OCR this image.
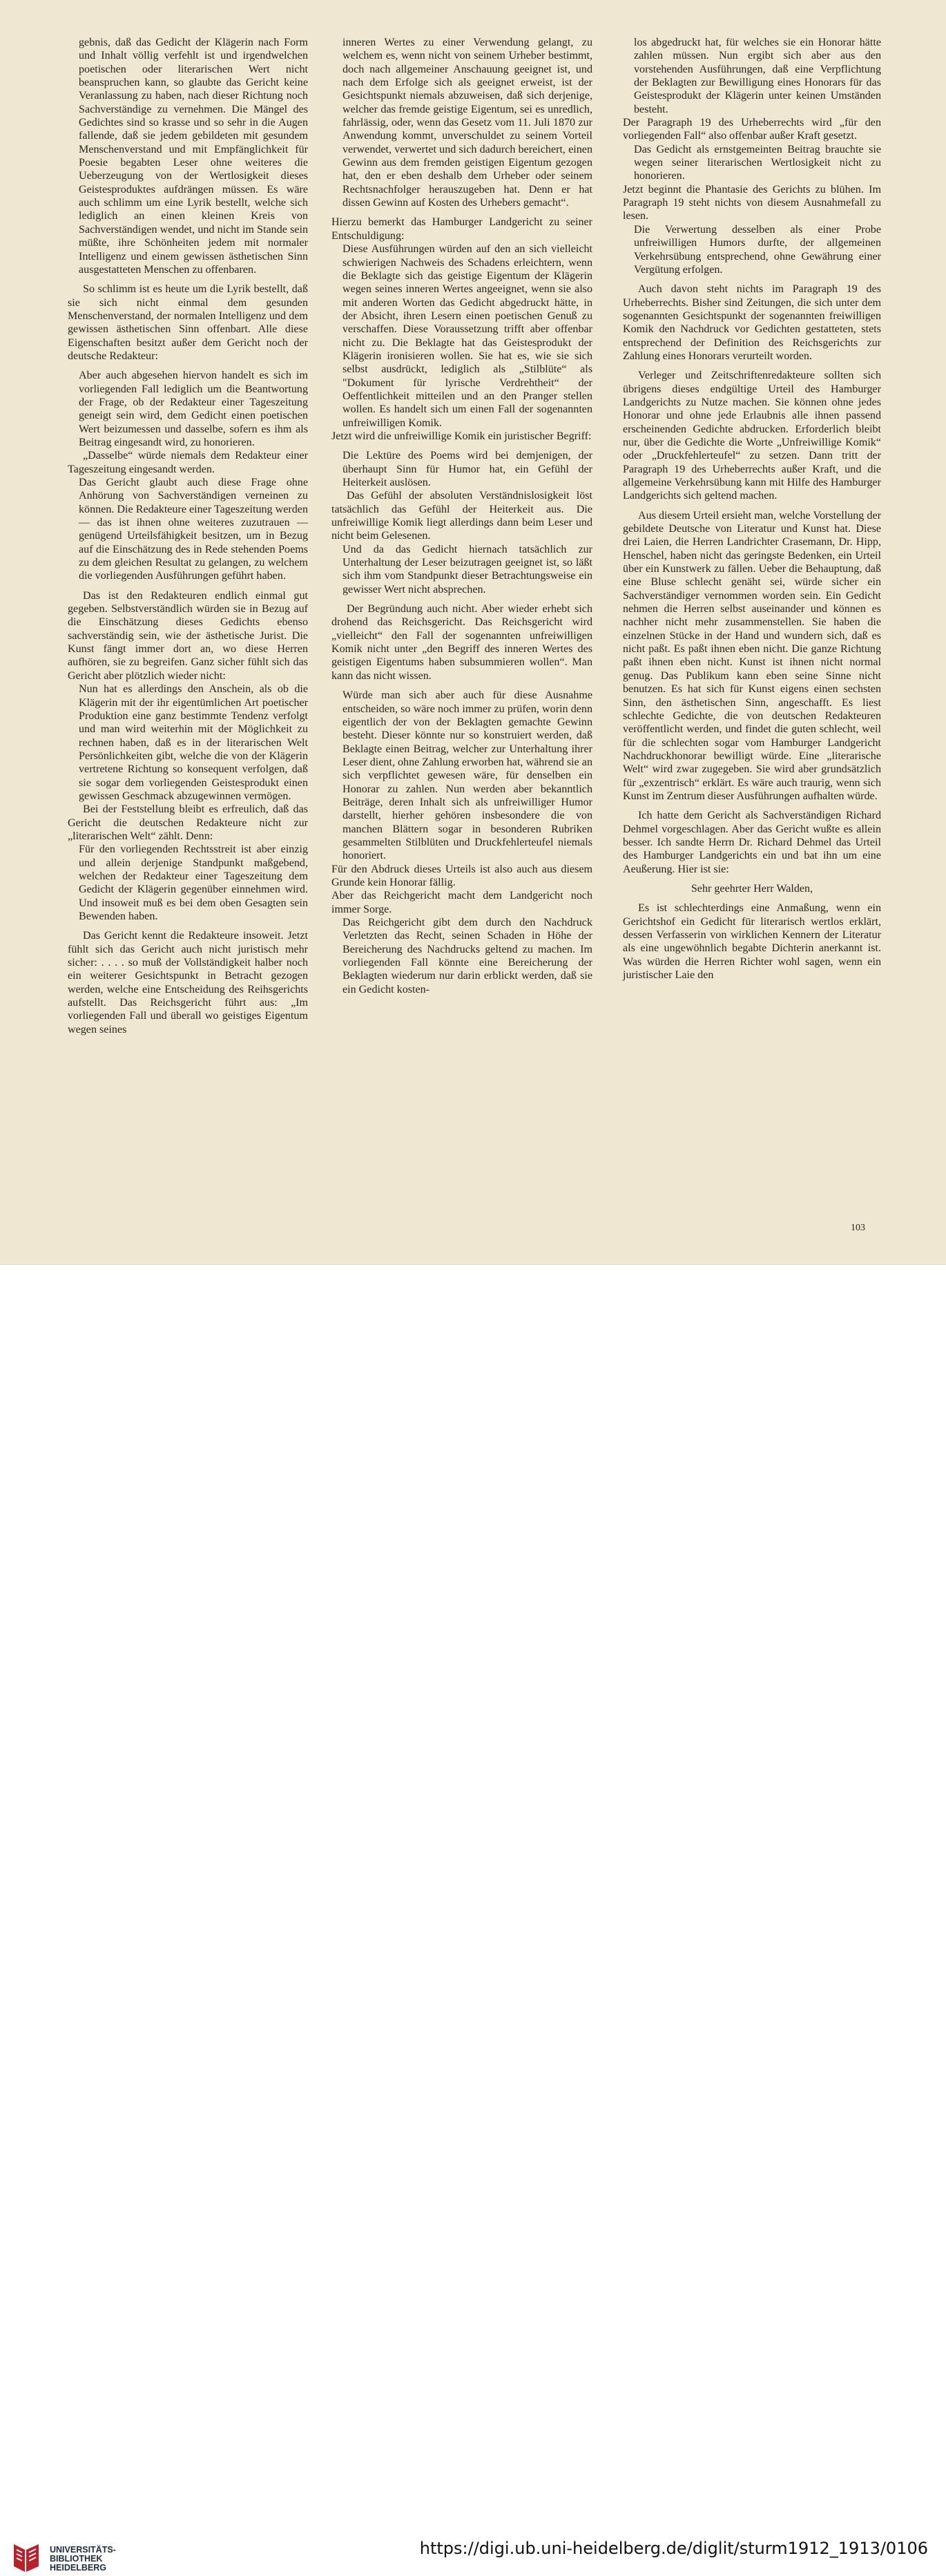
gebnis, daß das Gedicht der Klägerin nach Form und Inhalt völlig verfehlt ist und irgendwelchen poetischen oder literarischen Wert nicht beanspruchen kann, so glaubte das Gericht keine Veranlassung zu haben, nach dieser Richtung noch Sachverständige zu vernehmen. Die Mängel des Gedichtes sind so krasse und so sehr in die Augen fallende, daß sie jedem gebildeten mit gesundem Menschenverstand und mit Empfänglichkeit für Poesie begabten Leser ohne weiteres die Ueberzeugung von der Wertlosigkeit dieses Geistesproduktes aufdrängen müssen. Es wäre auch schlimm um eine Lyrik bestellt, welche sich lediglich an einen kleinen Kreis von Sachverständigen wendet, und nicht im Stande sein müßte, ihre Schönheiten jedem mit normaler Intelligenz und einem gewissen ästhetischen Sinn ausgestatteten Menschen zu offenbaren.

So schlimm ist es heute um die Lyrik bestellt, daß sie sich nicht einmal dem gesunden Menschenverstand, der normalen Intelligenz und dem gewissen ästhetischen Sinn offenbart. Alle diese Eigenschaften besitzt außer dem Gericht noch der deutsche Redakteur:

Aber auch abgesehen hiervon handelt es sich im vorliegenden Fall lediglich um die Beantwortung der Frage, ob der Redakteur einer Tageszeitung geneigt sein wird, dem Gedicht einen poetischen Wert beizumessen und dasselbe, sofern es ihm als Beitrag eingesandt wird, zu honorieren.

„Dasselbe“ würde niemals dem Redakteur einer Tageszeitung eingesandt werden.

Das Gericht glaubt auch diese Frage ohne Anhörung von Sachverständigen verneinen zu können. Die Redakteure einer Tageszeitung werden — das ist ihnen ohne weiteres zuzutrauen — genügend Urteilsfähigkeit besitzen, um in Bezug auf die Einschätzung des in Rede stehenden Poems zu dem gleichen Resultat zu gelangen, zu welchem die vorliegenden Ausführungen geführt haben.

Das ist den Redakteuren endlich einmal gut gegeben. Selbstverständlich würden sie in Bezug auf die Einschätzung dieses Gedichts ebenso sachverständig sein, wie der ästhetische Jurist. Die Kunst fängt immer dort an, wo diese Herren aufhören, sie zu begreifen. Ganz sicher fühlt sich das Gericht aber plötzlich wieder nicht:

Nun hat es allerdings den Anschein, als ob die Klägerin mit der ihr eigentümlichen Art poetischer Produktion eine ganz bestimmte Tendenz verfolgt und man wird weiterhin mit der Möglichkeit zu rechnen haben, daß es in der literarischen Welt Persönlichkeiten gibt, welche die von der Klägerin vertretene Richtung so konsequent verfolgen, daß sie sogar dem vorliegenden Geistesprodukt einen gewissen Geschmack abzugewinnen vermögen.

Bei der Feststellung bleibt es erfreulich, daß das Gericht die deutschen Redakteure nicht zur „literarischen Welt“ zählt. Denn:

Für den vorliegenden Rechtsstreit ist aber einzig und allein derjenige Standpunkt maßgebend, welchen der Redakteur einer Tageszeitung dem Gedicht der Klägerin gegenüber einnehmen wird. Und insoweit muß es bei dem oben Gesagten sein Bewenden haben.

Das Gericht kennt die Redakteure insoweit. Jetzt fühlt sich das Gericht auch nicht juristisch mehr sicher: . . . . so muß der Vollständigkeit halber noch ein weiterer Gesichtspunkt in Betracht gezogen werden, welche eine Entscheidung des Reihsgerichts aufstellt. Das Reichsgericht führt aus: „Im vorliegenden Fall und überall wo geistiges Eigentum wegen seines

inneren Wertes zu einer Verwendung gelangt, zu welchem es, wenn nicht von seinem Urheber bestimmt, doch nach allgemeiner Anschauung geeignet ist, und nach dem Erfolge sich als geeignet erweist, ist der Gesichtspunkt niemals abzuweisen, daß sich derjenige, welcher das fremde geistige Eigentum, sei es unredlich, fahrlässig, oder, wenn das Gesetz vom 11. Juli 1870 zur Anwendung kommt, unverschuldet zu seinem Vorteil verwendet, verwertet und sich dadurch bereichert, einen Gewinn aus dem fremden geistigen Eigentum gezogen hat, den er eben deshalb dem Urheber oder seinem Rechtsnachfolger herauszugeben hat. Denn er hat dissen Gewinn auf Kosten des Urhebers gemacht“.

Hierzu bemerkt das Hamburger Landgericht zu seiner Entschuldigung:

Diese Ausführungen würden auf den an sich vielleicht schwierigen Nachweis des Schadens erleichtern, wenn die Beklagte sich das geistige Eigentum der Klägerin wegen seines inneren Wertes angeeignet, wenn sie also mit anderen Worten das Gedicht abgedruckt hätte, in der Absicht, ihren Lesern einen poetischen Genuß zu verschaffen. Diese Voraussetzung trifft aber offenbar nicht zu. Die Beklagte hat das Geistesprodukt der Klägerin ironisieren wollen. Sie hat es, wie sie sich selbst ausdrückt, lediglich als „Stilblüte“ als "Dokument für lyrische Verdrehtheit“ der Oeffentlichkeit mitteilen und an den Pranger stellen wollen. Es handelt sich um einen Fall der sogenannten unfreiwilligen Komik.

Jetzt wird die unfreiwillige Komik ein juristischer Begriff:

Die Lektüre des Poems wird bei demjenigen, der überhaupt Sinn für Humor hat, ein Gefühl der Heiterkeit auslösen.

Das Gefühl der absoluten Verständnislosigkeit löst tatsächlich das Gefühl der Heiterkeit aus. Die unfreiwillige Komik liegt allerdings dann beim Leser und nicht beim Gelesenen.

Und da das Gedicht hiernach tatsächlich zur Unterhaltung der Leser beizutragen geeignet ist, so läßt sich ihm vom Standpunkt dieser Betrachtungsweise ein gewisser Wert nicht absprechen.

Der Begründung auch nicht. Aber wieder erhebt sich drohend das Reichsgericht. Das Reichsgericht wird „vielleicht“ den Fall der sogenannten unfreiwilligen Komik nicht unter „den Begriff des inneren Wertes des geistigen Eigentums haben subsummieren wollen“. Man kann das nicht wissen.

Würde man sich aber auch für diese Ausnahme entscheiden, so wäre noch immer zu prüfen, worin denn eigentlich der von der Beklagten gemachte Gewinn besteht. Dieser könnte nur so konstruiert werden, daß Beklagte einen Beitrag, welcher zur Unterhaltung ihrer Leser dient, ohne Zahlung erworben hat, während sie an sich verpflichtet gewesen wäre, für denselben ein Honorar zu zahlen. Nun werden aber bekanntlich Beiträge, deren Inhalt sich als unfreiwilliger Humor darstellt, hierher gehören insbesondere die von manchen Blättern sogar in besonderen Rubriken gesammelten Stilblüten und Druckfehlerteufel niemals honoriert.

Für den Abdruck dieses Urteils ist also auch aus diesem Grunde kein Honorar fällig.

Aber das Reichgericht macht dem Landgericht noch immer Sorge.

Das Reichgericht gibt dem durch den Nachdruck Verletzten das Recht, seinen Schaden in Höhe der Bereicherung des Nachdrucks geltend zu machen. Im vorliegenden Fall könnte eine Bereicherung der Beklagten wiederum nur darin erblickt werden, daß sie ein Gedicht kosten-

los abgedruckt hat, für welches sie ein Honorar hätte zahlen müssen. Nun ergibt sich aber aus den vorstehenden Ausführungen, daß eine Verpflichtung der Beklagten zur Bewilligung eines Honorars für das Geistesprodukt der Klägerin unter keinen Umständen besteht.

Der Paragraph 19 des Urheberrechts wird „für den vorliegenden Fall“ also offenbar außer Kraft gesetzt.

Das Gedicht als ernstgemeinten Beitrag brauchte sie wegen seiner literarischen Wertlosigkeit nicht zu honorieren.

Jetzt beginnt die Phantasie des Gerichts zu blühen. Im Paragraph 19 steht nichts von diesem Ausnahmefall zu lesen.

Die Verwertung desselben als einer Probe unfreiwilligen Humors durfte, der allgemeinen Verkehrsübung entsprechend, ohne Gewährung einer Vergütung erfolgen.

Auch davon steht nichts im Paragraph 19 des Urheberrechts. Bisher sind Zeitungen, die sich unter dem sogenannten Gesichtspunkt der sogenannten freiwilligen Komik den Nachdruck vor Gedichten gestatteten, stets entsprechend der Definition des Reichsgerichts zur Zahlung eines Honorars verurteilt worden.

Verleger und Zeitschriftenredakteure sollten sich übrigens dieses endgültige Urteil des Hamburger Landgerichts zu Nutze machen. Sie können ohne jedes Honorar und ohne jede Erlaubnis alle ihnen passend erscheinenden Gedichte abdrucken. Erforderlich bleibt nur, über die Gedichte die Worte „Unfreiwillige Komik“ oder „Druckfehlerteufel“ zu setzen. Dann tritt der Paragraph 19 des Urheberrechts außer Kraft, und die allgemeine Verkehrsübung kann mit Hilfe des Hamburger Landgerichts sich geltend machen.

Aus diesem Urteil ersieht man, welche Vorstellung der gebildete Deutsche von Literatur und Kunst hat. Diese drei Laien, die Herren Landrichter Crasemann, Dr. Hipp, Henschel, haben nicht das geringste Bedenken, ein Urteil über ein Kunstwerk zu fällen. Ueber die Behauptung, daß eine Bluse schlecht genäht sei, würde sicher ein Sachverständiger vernommen worden sein. Ein Gedicht nehmen die Herren selbst auseinander und können es nachher nicht mehr zusammenstellen. Sie haben die einzelnen Stücke in der Hand und wundern sich, daß es nicht paßt. Es paßt ihnen eben nicht. Die ganze Richtung paßt ihnen eben nicht. Kunst ist ihnen nicht normal genug. Das Publikum kann eben seine Sinne nicht benutzen. Es hat sich für Kunst eigens einen sechsten Sinn, den ästhetischen Sinn, angeschafft. Es liest schlechte Gedichte, die von deutschen Redakteuren veröffentlicht werden, und findet die guten schlecht, weil für die schlechten sogar vom Hamburger Landgericht Nachdruckhonorar bewilligt würde. Eine „literarische Welt“ wird zwar zugegeben. Sie wird aber grundsätzlich für „exzentrisch“ erklärt. Es wäre auch traurig, wenn sich Kunst im Zentrum dieser Ausführungen aufhalten würde.

Ich hatte dem Gericht als Sachverständigen Richard Dehmel vorgeschlagen. Aber das Gericht wußte es allein besser. Ich sandte Herrn Dr. Richard Dehmel das Urteil des Hamburger Landgerichts ein und bat ihn um eine Aeußerung. Hier ist sie:

Sehr geehrter Herr Walden,

Es ist schlechterdings eine Anmaßung, wenn ein Gerichtshof ein Gedicht für literarisch wertlos erklärt, dessen Verfasserin von wirklichen Kennern der Literatur als eine ungewöhnlich begabte Dichterin anerkannt ist. Was würden die Herren Richter wohl sagen, wenn ein juristischer Laie den

103
UNIVERSITÄTS-
BIBLIOTHEK
HEIDELBERG
https://digi.ub.uni-heidelberg.de/diglit/sturm1912_1913/0106
